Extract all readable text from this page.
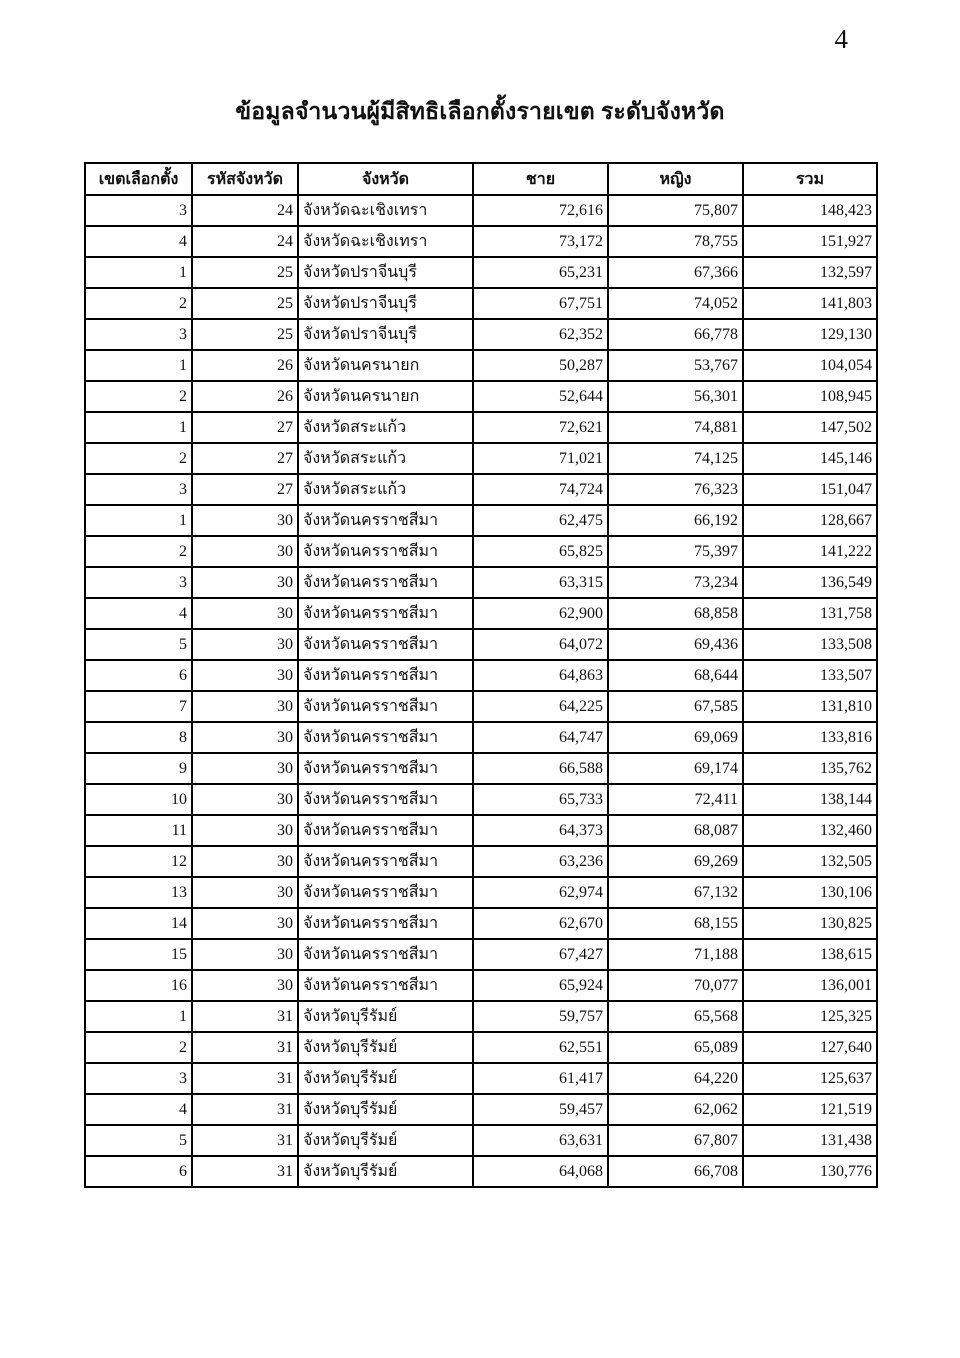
4
ข้อมูลจำนวนผู้มีสิทธิเลือกตั้งรายเขต ระดับจังหวัด
เขตเลือกตั้ง	รหัสจังหวัด	จังหวัด	ชาย	หญิง	รวม
3	24	จังหวัดฉะเชิงเทรา	72,616	75,807	148,423
4	24	จังหวัดฉะเชิงเทรา	73,172	78,755	151,927
1	25	จังหวัดปราจีนบุรี	65,231	67,366	132,597
2	25	จังหวัดปราจีนบุรี	67,751	74,052	141,803
3	25	จังหวัดปราจีนบุรี	62,352	66,778	129,130
1	26	จังหวัดนครนายก	50,287	53,767	104,054
2	26	จังหวัดนครนายก	52,644	56,301	108,945
1	27	จังหวัดสระแก้ว	72,621	74,881	147,502
2	27	จังหวัดสระแก้ว	71,021	74,125	145,146
3	27	จังหวัดสระแก้ว	74,724	76,323	151,047
1	30	จังหวัดนครราชสีมา	62,475	66,192	128,667
2	30	จังหวัดนครราชสีมา	65,825	75,397	141,222
3	30	จังหวัดนครราชสีมา	63,315	73,234	136,549
4	30	จังหวัดนครราชสีมา	62,900	68,858	131,758
5	30	จังหวัดนครราชสีมา	64,072	69,436	133,508
6	30	จังหวัดนครราชสีมา	64,863	68,644	133,507
7	30	จังหวัดนครราชสีมา	64,225	67,585	131,810
8	30	จังหวัดนครราชสีมา	64,747	69,069	133,816
9	30	จังหวัดนครราชสีมา	66,588	69,174	135,762
10	30	จังหวัดนครราชสีมา	65,733	72,411	138,144
11	30	จังหวัดนครราชสีมา	64,373	68,087	132,460
12	30	จังหวัดนครราชสีมา	63,236	69,269	132,505
13	30	จังหวัดนครราชสีมา	62,974	67,132	130,106
14	30	จังหวัดนครราชสีมา	62,670	68,155	130,825
15	30	จังหวัดนครราชสีมา	67,427	71,188	138,615
16	30	จังหวัดนครราชสีมา	65,924	70,077	136,001
1	31	จังหวัดบุรีรัมย์	59,757	65,568	125,325
2	31	จังหวัดบุรีรัมย์	62,551	65,089	127,640
3	31	จังหวัดบุรีรัมย์	61,417	64,220	125,637
4	31	จังหวัดบุรีรัมย์	59,457	62,062	121,519
5	31	จังหวัดบุรีรัมย์	63,631	67,807	131,438
6	31	จังหวัดบุรีรัมย์	64,068	66,708	130,776
